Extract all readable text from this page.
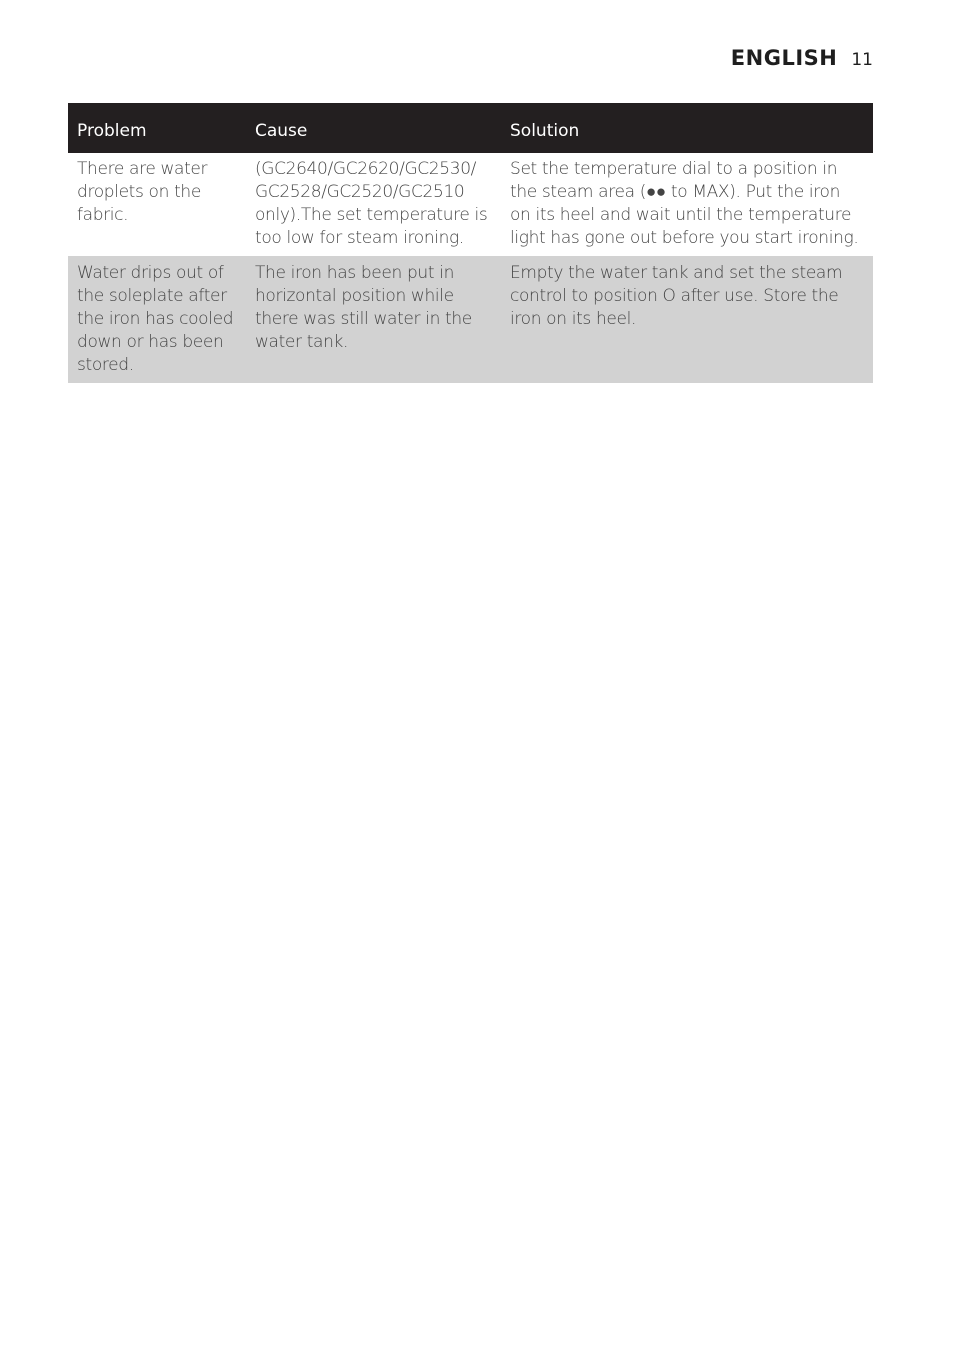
ENGLISH 11
Problem	Cause	Solution
There are water droplets on the fabric.	(GC2640/GC2620/GC2530/ GC2528/GC2520/GC2510 only).The set temperature is too low for steam ironing.	Set the temperature dial to a position in the steam area (●● to MAX). Put the iron on its heel and wait until the temperature light has gone out before you start ironing.
Water drips out of the soleplate after the iron has cooled down or has been stored.	The iron has been put in horizontal position while there was still water in the water tank.	Empty the water tank and set the steam control to position O after use. Store the iron on its heel.
